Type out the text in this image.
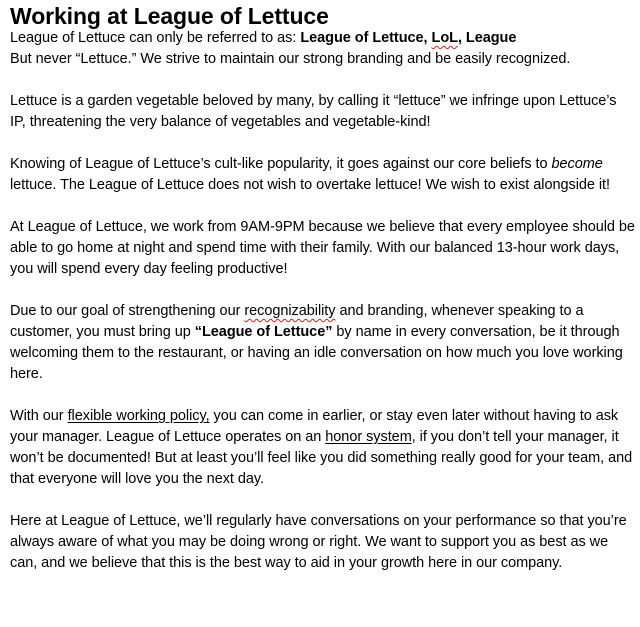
Working at League of Lettuce

League of Lettuce can only be referred to as: League of Lettuce, LoL, League
But never “Lettuce.” We strive to maintain our strong branding and be easily recognized.

Lettuce is a garden vegetable beloved by many, by calling it “lettuce” we infringe upon Lettuce’s IP, threatening the very balance of vegetables and vegetable-kind!

Knowing of League of Lettuce’s cult-like popularity, it goes against our core beliefs to become lettuce. The League of Lettuce does not wish to overtake lettuce! We wish to exist alongside it!

At League of Lettuce, we work from 9AM-9PM because we believe that every employee should be able to go home at night and spend time with their family. With our balanced 13-hour work days, you will spend every day feeling productive!

Due to our goal of strengthening our recognizability and branding, whenever speaking to a customer, you must bring up “League of Lettuce” by name in every conversation, be it through welcoming them to the restaurant, or having an idle conversation on how much you love working here.

With our flexible working policy, you can come in earlier, or stay even later without having to ask your manager. League of Lettuce operates on an honor system, if you don’t tell your manager, it won’t be documented! But at least you’ll feel like you did something really good for your team, and that everyone will love you the next day.

Here at League of Lettuce, we’ll regularly have conversations on your performance so that you’re always aware of what you may be doing wrong or right. We want to support you as best as we can, and we believe that this is the best way to aid in your growth here in our company.
